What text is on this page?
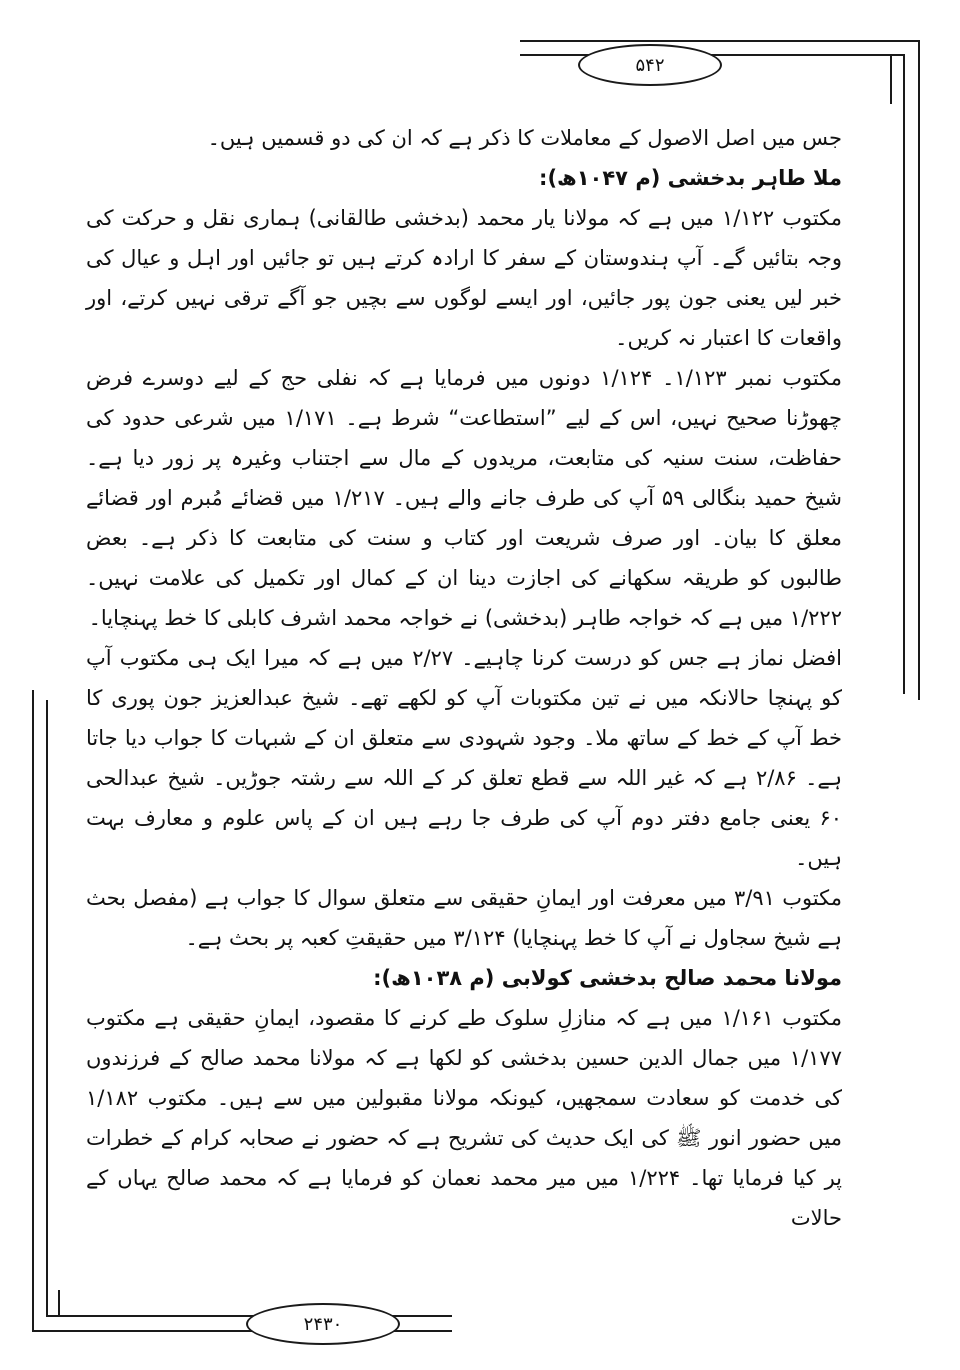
۵۴۲
۲۴۳۰

جس میں اصل الاصول کے معاملات کا ذکر ہے کہ ان کی دو قسمیں ہیں۔

ملا طاہر بدخشی (م ۱۰۴۷ھ):

مکتوب ۱/۱۲۲ میں ہے کہ مولانا یار محمد (بدخشی طالقانی) ہماری نقل و حرکت کی وجہ بتائیں گے۔ آپ ہندوستان کے سفر کا ارادہ کرتے ہیں تو جائیں اور اہل و عیال کی خبر لیں یعنی جون پور جائیں، اور ایسے لوگوں سے بچیں جو آگے ترقی نہیں کرتے، اور واقعات کا اعتبار نہ کریں۔

مکتوب نمبر ۱/۱۲۳۔ ۱/۱۲۴ دونوں میں فرمایا ہے کہ نفلی حج کے لیے دوسرے فرض چھوڑنا صحیح نہیں، اس کے لیے ”استطاعت“ شرط ہے۔ ۱/۱۷۱ میں شرعی حدود کی حفاظت، سنت سنیہ کی متابعت، مریدوں کے مال سے اجتناب وغیرہ پر زور دیا ہے۔ شیخ حمید بنگالی ۵۹ آپ کی طرف جانے والے ہیں۔ ۱/۲۱۷ میں قضائے مُبرم اور قضائے معلق کا بیان۔ اور صرف شریعت اور کتاب و سنت کی متابعت کا ذکر ہے۔ بعض طالبوں کو طریقہ سکھانے کی اجازت دینا ان کے کمال اور تکمیل کی علامت نہیں۔ ۱/۲۲۲ میں ہے کہ خواجہ طاہر (بدخشی) نے خواجہ محمد اشرف کابلی کا خط پہنچایا۔

افضل نماز ہے جس کو درست کرنا چاہیے۔ ۲/۲۷ میں ہے کہ میرا ایک ہی مکتوب آپ کو پہنچا حالانکہ میں نے تین مکتوبات آپ کو لکھے تھے۔ شیخ عبدالعزیز جون پوری کا خط آپ کے خط کے ساتھ ملا۔ وجود شہودی سے متعلق ان کے شبہات کا جواب دیا جاتا ہے۔ ۲/۸۶ ہے کہ غیر اللہ سے قطع تعلق کر کے اللہ سے رشتہ جوڑیں۔ شیخ عبدالحی ۶۰ یعنی جامع دفتر دوم آپ کی طرف جا رہے ہیں ان کے پاس علوم و معارف بہت ہیں۔

مکتوب ۳/۹۱ میں معرفت اور ایمانِ حقیقی سے متعلق سوال کا جواب ہے (مفصل بحث ہے شیخ سجاول نے آپ کا خط پہنچایا) ۳/۱۲۴ میں حقیقتِ کعبہ پر بحث ہے۔

مولانا محمد صالح بدخشی کولابی (م ۱۰۳۸ھ):

مکتوب ۱/۱۶۱ میں ہے کہ منازلِ سلوک طے کرنے کا مقصود، ایمانِ حقیقی ہے مکتوب ۱/۱۷۷ میں جمال الدین حسین بدخشی کو لکھا ہے کہ مولانا محمد صالح کے فرزندوں کی خدمت کو سعادت سمجھیں، کیونکہ مولانا مقبولین میں سے ہیں۔ مکتوب ۱/۱۸۲ میں حضور انور ﷺ کی ایک حدیث کی تشریح ہے کہ حضور نے صحابہ کرام کے خطرات پر کیا فرمایا تھا۔ ۱/۲۲۴ میں میر محمد نعمان کو فرمایا ہے کہ محمد صالح یہاں کے حالات
